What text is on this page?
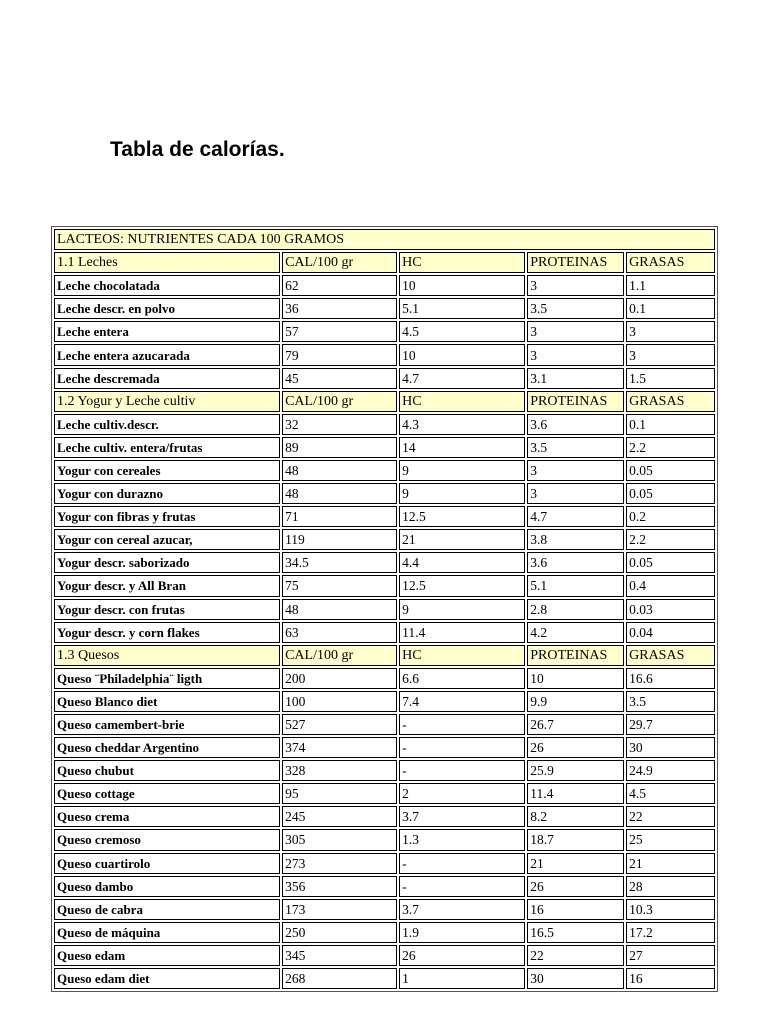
Tabla de calorías.
LACTEOS: NUTRIENTES CADA 100 GRAMOS				
1.1 Leches	CAL/100 gr	HC	PROTEINAS	GRASAS
Leche chocolatada	62	10	3	1.1
Leche descr. en polvo	36	5.1	3.5	0.1
Leche entera	57	4.5	3	3
Leche entera azucarada	79	10	3	3
Leche descremada	45	4.7	3.1	1.5
1.2 Yogur y Leche cultiv	CAL/100 gr	HC	PROTEINAS	GRASAS
Leche cultiv.descr.	32	4.3	3.6	0.1
Leche cultiv. entera/frutas	89	14	3.5	2.2
Yogur con cereales	48	9	3	0.05
Yogur con durazno	48	9	3	0.05
Yogur con fibras y frutas	71	12.5	4.7	0.2
Yogur con cereal azucar,	119	21	3.8	2.2
Yogur descr. saborizado	34.5	4.4	3.6	0.05
Yogur descr. y All Bran	75	12.5	5.1	0.4
Yogur descr. con frutas	48	9	2.8	0.03
Yogur descr. y corn flakes	63	11.4	4.2	0.04
1.3 Quesos	CAL/100 gr	HC	PROTEINAS	GRASAS
Queso ¨Philadelphia¨ ligth	200	6.6	10	16.6
Queso Blanco diet	100	7.4	9.9	3.5
Queso camembert-brie	527	-	26.7	29.7
Queso cheddar Argentino	374	-	26	30
Queso chubut	328	-	25.9	24.9
Queso cottage	95	2	11.4	4.5
Queso crema	245	3.7	8.2	22
Queso cremoso	305	1.3	18.7	25
Queso cuartirolo	273	-	21	21
Queso dambo	356	-	26	28
Queso de cabra	173	3.7	16	10.3
Queso de máquina	250	1.9	16.5	17.2
Queso edam	345	26	22	27
Queso edam diet	268	1	30	16
